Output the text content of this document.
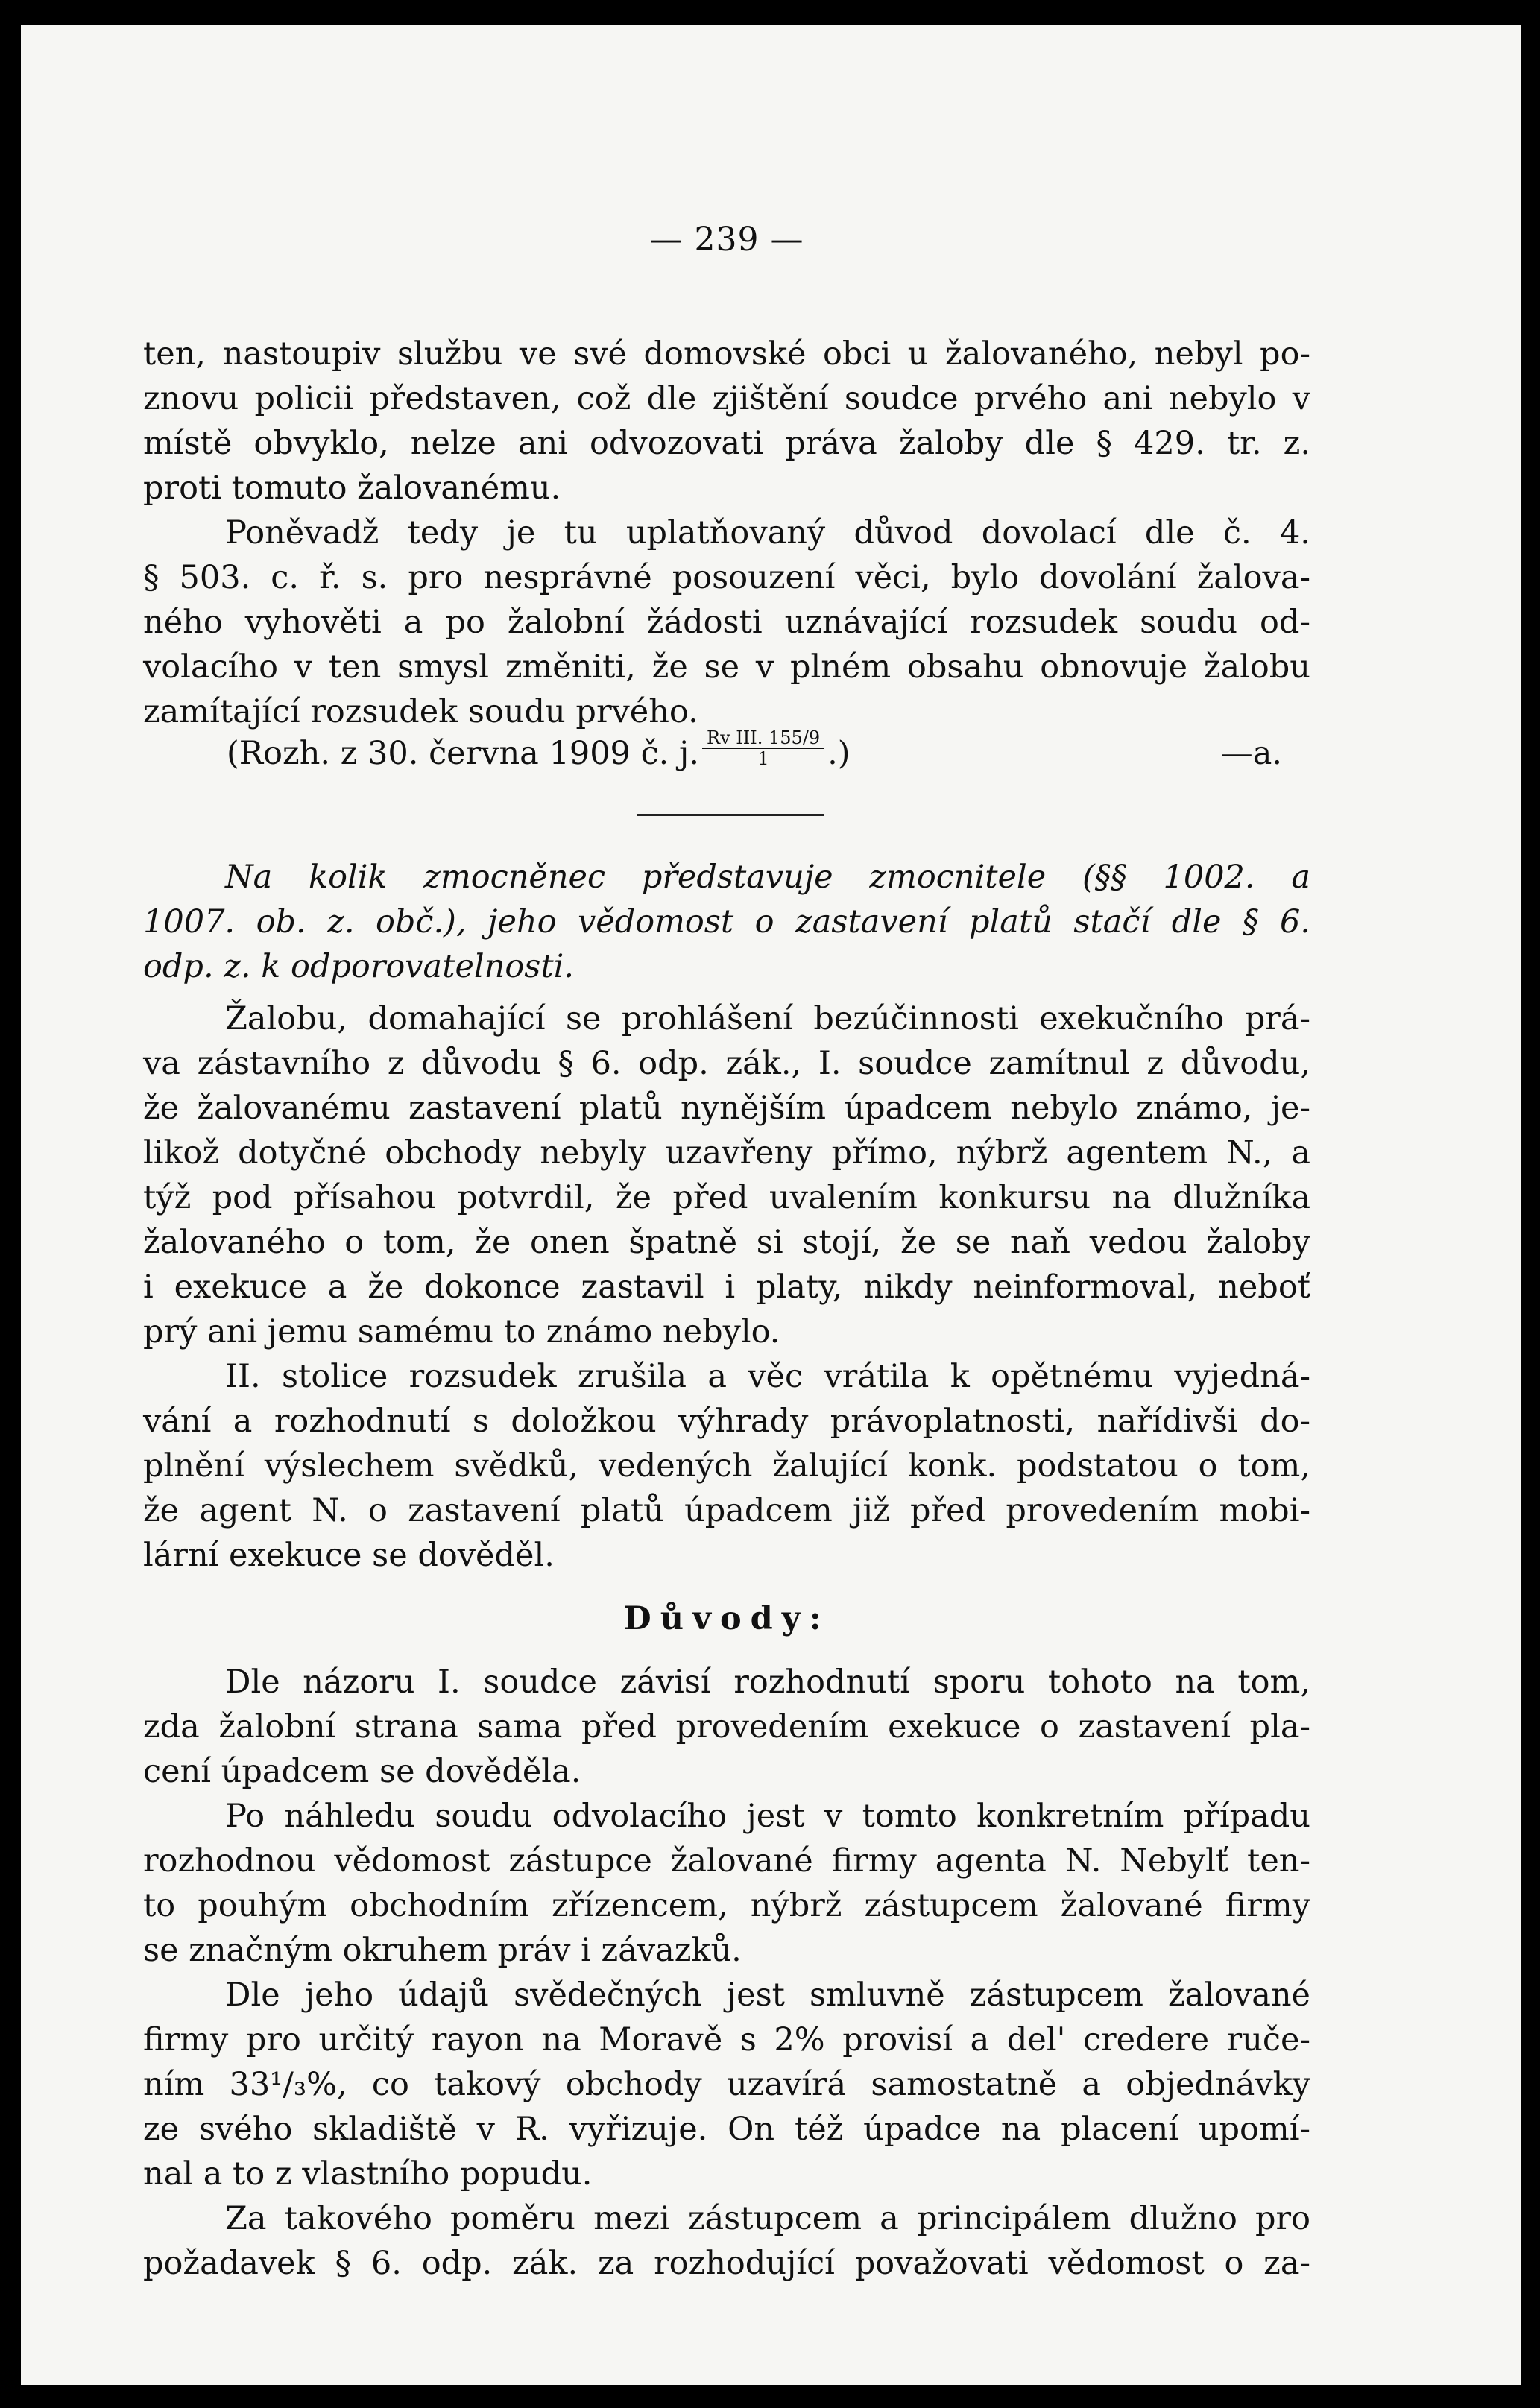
— 239 —
ten, nastoupiv službu ve své domovské obci u žalovaného, nebyl po-
znovu policii představen, což dle zjištění soudce prvého ani nebylo v
místě obvyklo, nelze ani odvozovati práva žaloby dle § 429. tr. z.
proti tomuto žalovanému.
Poněvadž tedy je tu uplatňovaný důvod dovolací dle č. 4.
§ 503. c. ř. s. pro nesprávné posouzení věci, bylo dovolání žalova-
ného vyhověti a po žalobní žádosti uznávající rozsudek soudu od-
volacího v ten smysl změniti, že se v plném obsahu obnovuje žalobu
zamítající rozsudek soudu prvého.
(Rozh. z 30. června 1909 č. j. $\frac{\text{Rv III. 155/9}}{1}$ .)	—a.
Na kolik zmocněnec představuje zmocnitele (§§ 1002. a
1007. ob. z. obč.), jeho vědomost o zastavení platů stačí dle § 6.
odp. z. k odporovatelnosti.
Žalobu, domahající se prohlášení bezúčinnosti exekučního prá-
va zástavního z důvodu § 6. odp. zák., I. soudce zamítnul z důvodu,
že žalovanému zastavení platů nynějším úpadcem nebylo známo, je-
likož dotyčné obchody nebyly uzavřeny přímo, nýbrž agentem N., a
týž pod přísahou potvrdil, že před uvalením konkursu na dlužníka
žalovaného o tom, že onen špatně si stojí, že se naň vedou žaloby
i exekuce a že dokonce zastavil i platy, nikdy neinformoval, neboť
prý ani jemu samému to známo nebylo.
II. stolice rozsudek zrušila a věc vrátila k opětnému vyjedná-
vání a rozhodnutí s doložkou výhrady právoplatnosti, nařídivši do-
plnění výslechem svědků, vedených žalující konk. podstatou o tom,
že agent N. o zastavení platů úpadcem již před provedením mobi-
lární exekuce se dověděl.
Důvody:
Dle názoru I. soudce závisí rozhodnutí sporu tohoto na tom,
zda žalobní strana sama před provedením exekuce o zastavení pla-
cení úpadcem se dověděla.
Po náhledu soudu odvolacího jest v tomto konkretním případu
rozhodnou vědomost zástupce žalované firmy agenta N. Nebylť ten-
to pouhým obchodním zřízencem, nýbrž zástupcem žalované firmy
se značným okruhem práv i závazků.
Dle jeho údajů svědečných jest smluvně zástupcem žalované
firmy pro určitý rayon na Moravě s 2% provisí a del' credere ruče-
ním 33¹/₃%, co takový obchody uzavírá samostatně a objednávky
ze svého skladiště v R. vyřizuje. On též úpadce na placení upomí-
nal a to z vlastního popudu.
Za takového poměru mezi zástupcem a principálem dlužno pro
požadavek § 6. odp. zák. za rozhodující považovati vědomost o za-
